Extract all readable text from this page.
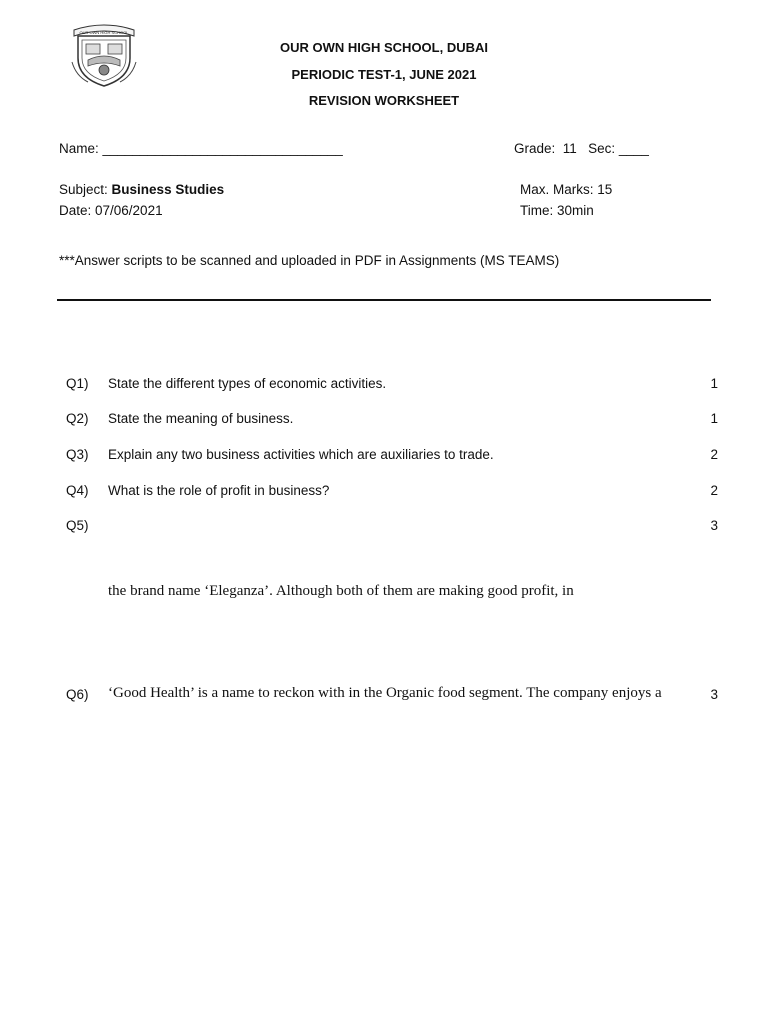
OUR OWN HIGH SCHOOL
OUR OWN HIGH SCHOOL, DUBAI
PERIODIC TEST-1, JUNE 2021
REVISION WORKSHEET
Name: ________________________________	Grade: 11 Sec: ____
Subject: Business Studies	Max. Marks: 15
Date: 07/06/2021	Time: 30min
***Answer scripts to be scanned and uploaded in PDF in Assignments (MS TEAMS)
Q1) State the different types of economic activities.	1
Q2) State the meaning of business.	1
Q3) Explain any two business activities which are auxiliaries to trade.	2
Q4) What is the role of profit in business?	2
Q5)	3
the brand name ‘Eleganza’. Although both of them are making good profit, in
Q6) ‘Good Health’ is a name to reckon with in the Organic food segment. The company enjoys a	3
